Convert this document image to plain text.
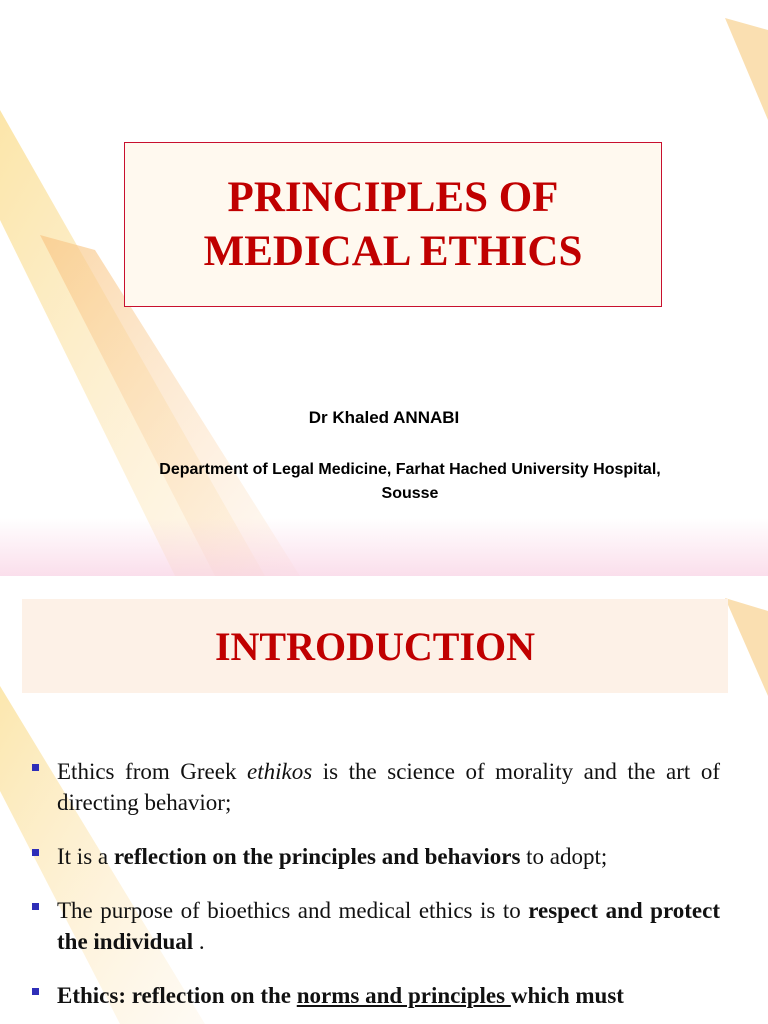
PRINCIPLES OF MEDICAL ETHICS
Dr Khaled ANNABI
Department of Legal Medicine, Farhat Hached University Hospital, Sousse
INTRODUCTION
Ethics from Greek ethikos is the science of morality and the art of directing behavior;
It is a reflection on the principles and behaviors to adopt;
The purpose of bioethics and medical ethics is to respect and protect the individual .
Ethics: reflection on the norms and principles which must
